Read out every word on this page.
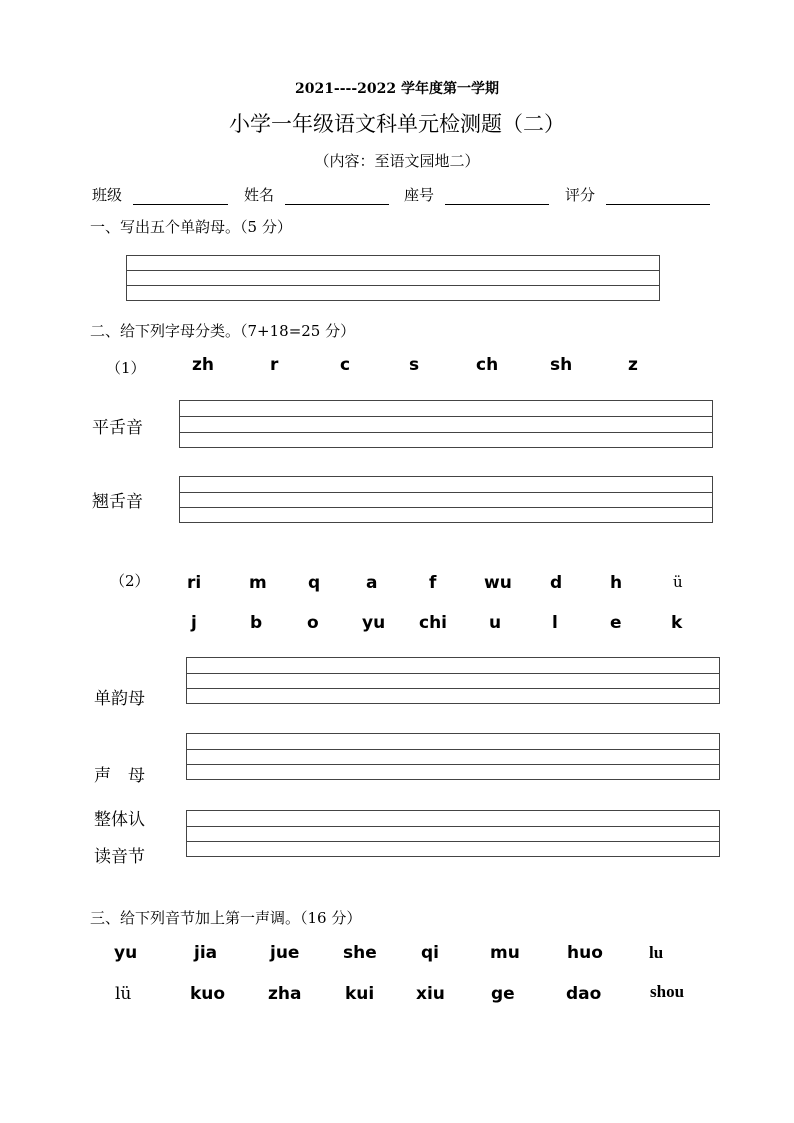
2021----2022 学年度第一学期
小学一年级语文科单元检测题（二）
（内容：至语文园地二）
班级	姓名	座号	评分
一、写出五个单韵母。（5 分）
二、给下列字母分类。（7+18=25 分）
（1）	zh	r	c	s	ch	sh	z
平舌音
翘舌音
（2） ri	m q	a	f	wu d	h	ü
j	b	o	yu chi u	l	e	k
单韵母
声　母
整体认
读音节
三、给下列音节加上第一声调。（16 分）
yu	jia	jue	she	qi	mu	huo	lu
lü	kuo	zha	kui xiu	ge	dao	shou
